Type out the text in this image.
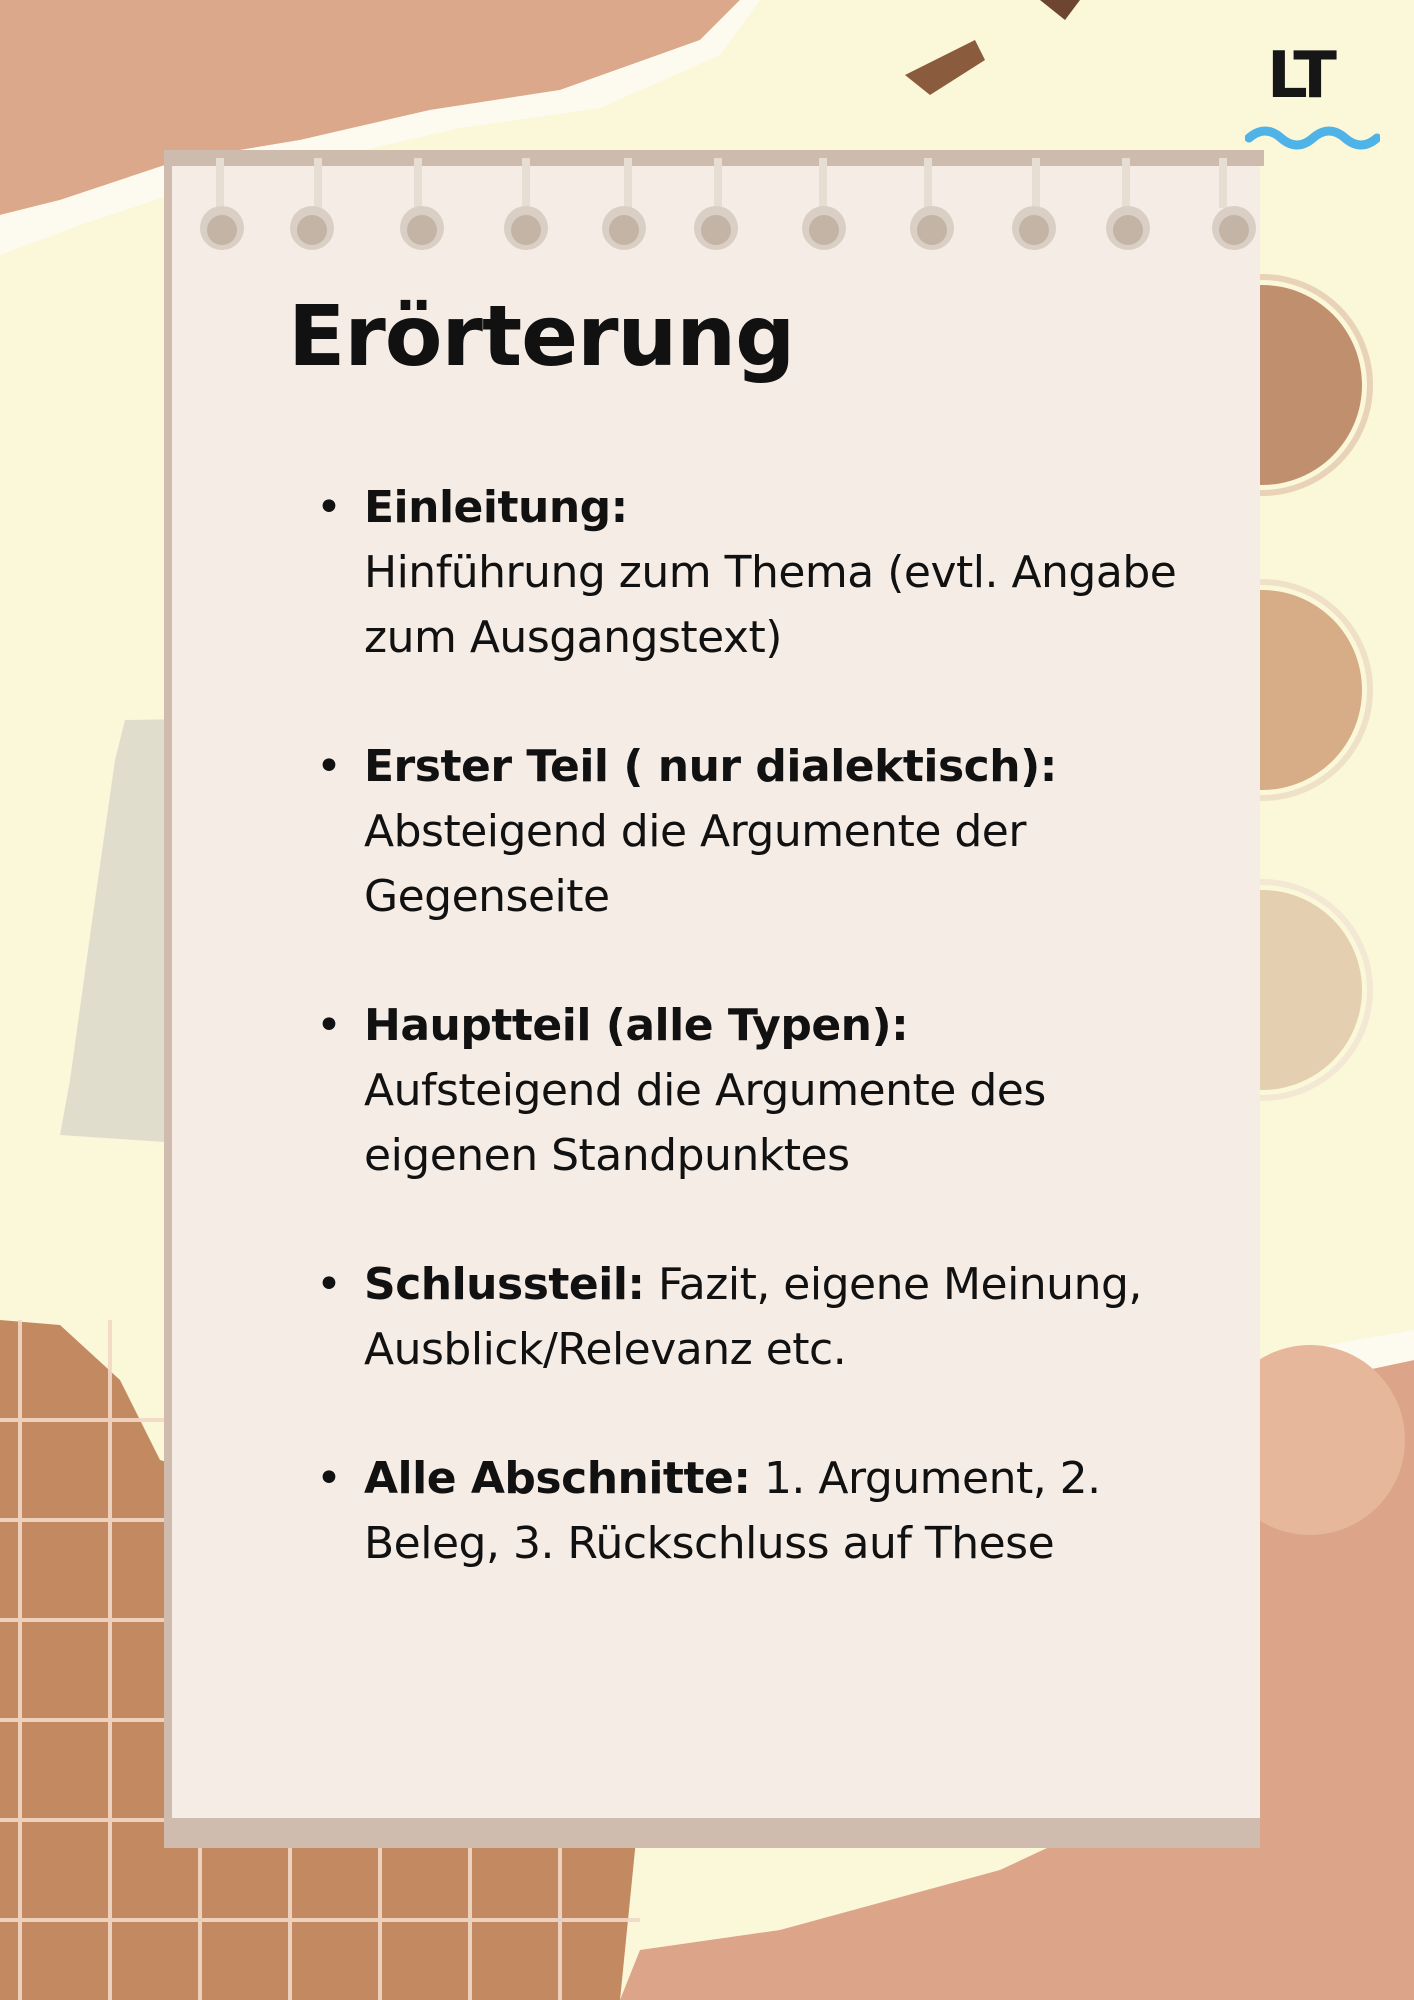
LT
Erörterung
• Einleitung:
Hinführung zum Thema (evtl. Angabe zum Ausgangstext)
• Erster Teil ( nur dialektisch):
Absteigend die Argumente der Gegenseite
• Hauptteil (alle Typen):
Aufsteigend die Argumente des eigenen Standpunktes
• Schlussteil: Fazit, eigene Meinung, Ausblick/Relevanz etc.
• Alle Abschnitte: 1. Argument, 2. Beleg, 3. Rückschluss auf These
